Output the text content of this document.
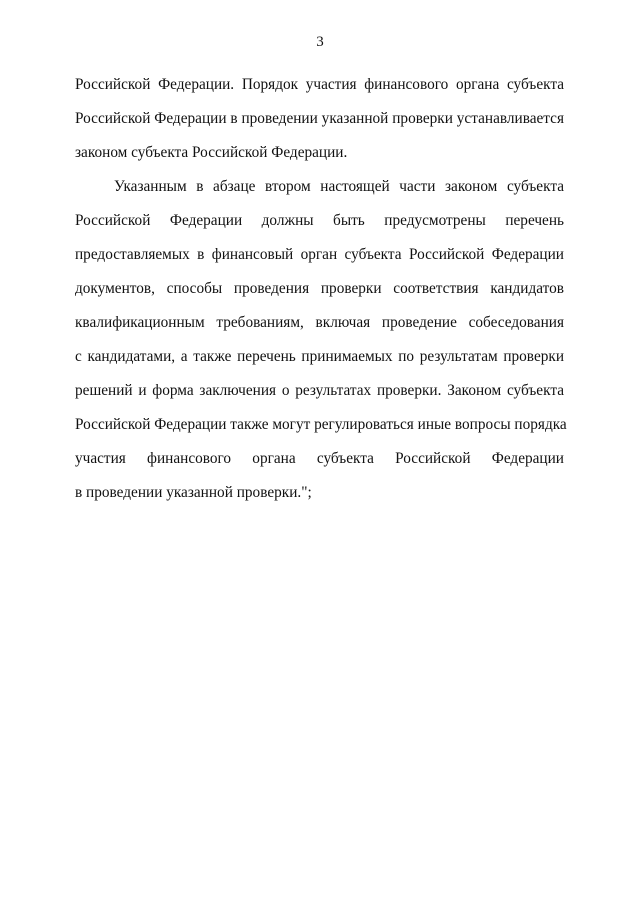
3
Российской Федерации. Порядок участия финансового органа субъекта
Российской Федерации в проведении указанной проверки устанавливается
законом субъекта Российской Федерации.
Указанным в абзаце втором настоящей части законом субъекта
Российской Федерации должны быть предусмотрены перечень
предоставляемых в финансовый орган субъекта Российской Федерации
документов, способы проведения проверки соответствия кандидатов
квалификационным требованиям, включая проведение собеседования
с кандидатами, а также перечень принимаемых по результатам проверки
решений и форма заключения о результатах проверки. Законом субъекта
Российской Федерации также могут регулироваться иные вопросы порядка
участия финансового органа субъекта Российской Федерации
в проведении указанной проверки.";
